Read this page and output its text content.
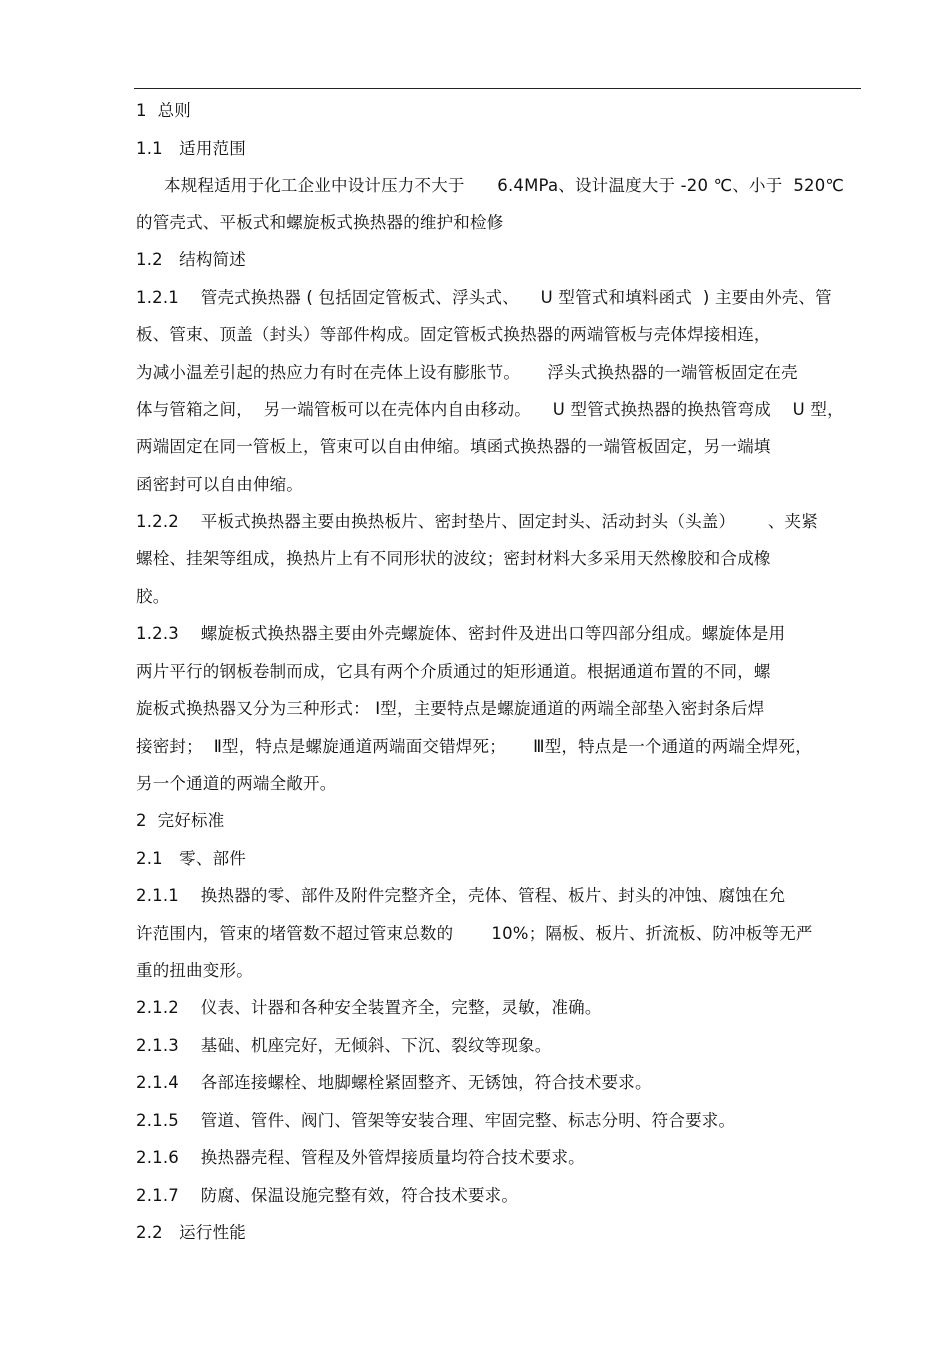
1  总则
1.1   适用范围
本规程适用于化工企业中设计压力不大于      6.4MPa、设计温度大于 -20 ℃、小于  520℃
的管壳式、平板式和螺旋板式换热器的维护和检修
1.2   结构简述
1.2.1    管壳式换热器 ( 包括固定管板式、浮头式、    U 型管式和填料函式  ) 主要由外壳、管
板、管束、顶盖（封头）等部件构成。固定管板式换热器的两端管板与壳体焊接相连，
为减小温差引起的热应力有时在壳体上设有膨胀节。     浮头式换热器的一端管板固定在壳
体与管箱之间，  另一端管板可以在壳体内自由移动。    U 型管式换热器的换热管弯成    U 型，
两端固定在同一管板上，管束可以自由伸缩。填函式换热器的一端管板固定，另一端填
函密封可以自由伸缩。
1.2.2    平板式换热器主要由换热板片、密封垫片、固定封头、活动封头（头盖）      、夹紧
螺栓、挂架等组成，换热片上有不同形状的波纹；密封材料大多采用天然橡胶和合成橡
胶。
1.2.3    螺旋板式换热器主要由外壳螺旋体、密封件及进出口等四部分组成。螺旋体是用
两片平行的钢板卷制而成，它具有两个介质通过的矩形通道。根据通道布置的不同，螺
旋板式换热器又分为三种形式： Ⅰ型，主要特点是螺旋通道的两端全部垫入密封条后焊
接密封；  Ⅱ型，特点是螺旋通道两端面交错焊死；     Ⅲ型，特点是一个通道的两端全焊死，
另一个通道的两端全敞开。
2  完好标准
2.1   零、部件
2.1.1    换热器的零、部件及附件完整齐全，壳体、管程、板片、封头的冲蚀、腐蚀在允
许范围内，管束的堵管数不超过管束总数的       10%；隔板、板片、折流板、防冲板等无严
重的扭曲变形。
2.1.2    仪表、计器和各种安全装置齐全，完整，灵敏，准确。
2.1.3    基础、机座完好，无倾斜、下沉、裂纹等现象。
2.1.4    各部连接螺栓、地脚螺栓紧固整齐、无锈蚀，符合技术要求。
2.1.5    管道、管件、阀门、管架等安装合理、牢固完整、标志分明、符合要求。
2.1.6    换热器壳程、管程及外管焊接质量均符合技术要求。
2.1.7    防腐、保温设施完整有效，符合技术要求。
2.2   运行性能
